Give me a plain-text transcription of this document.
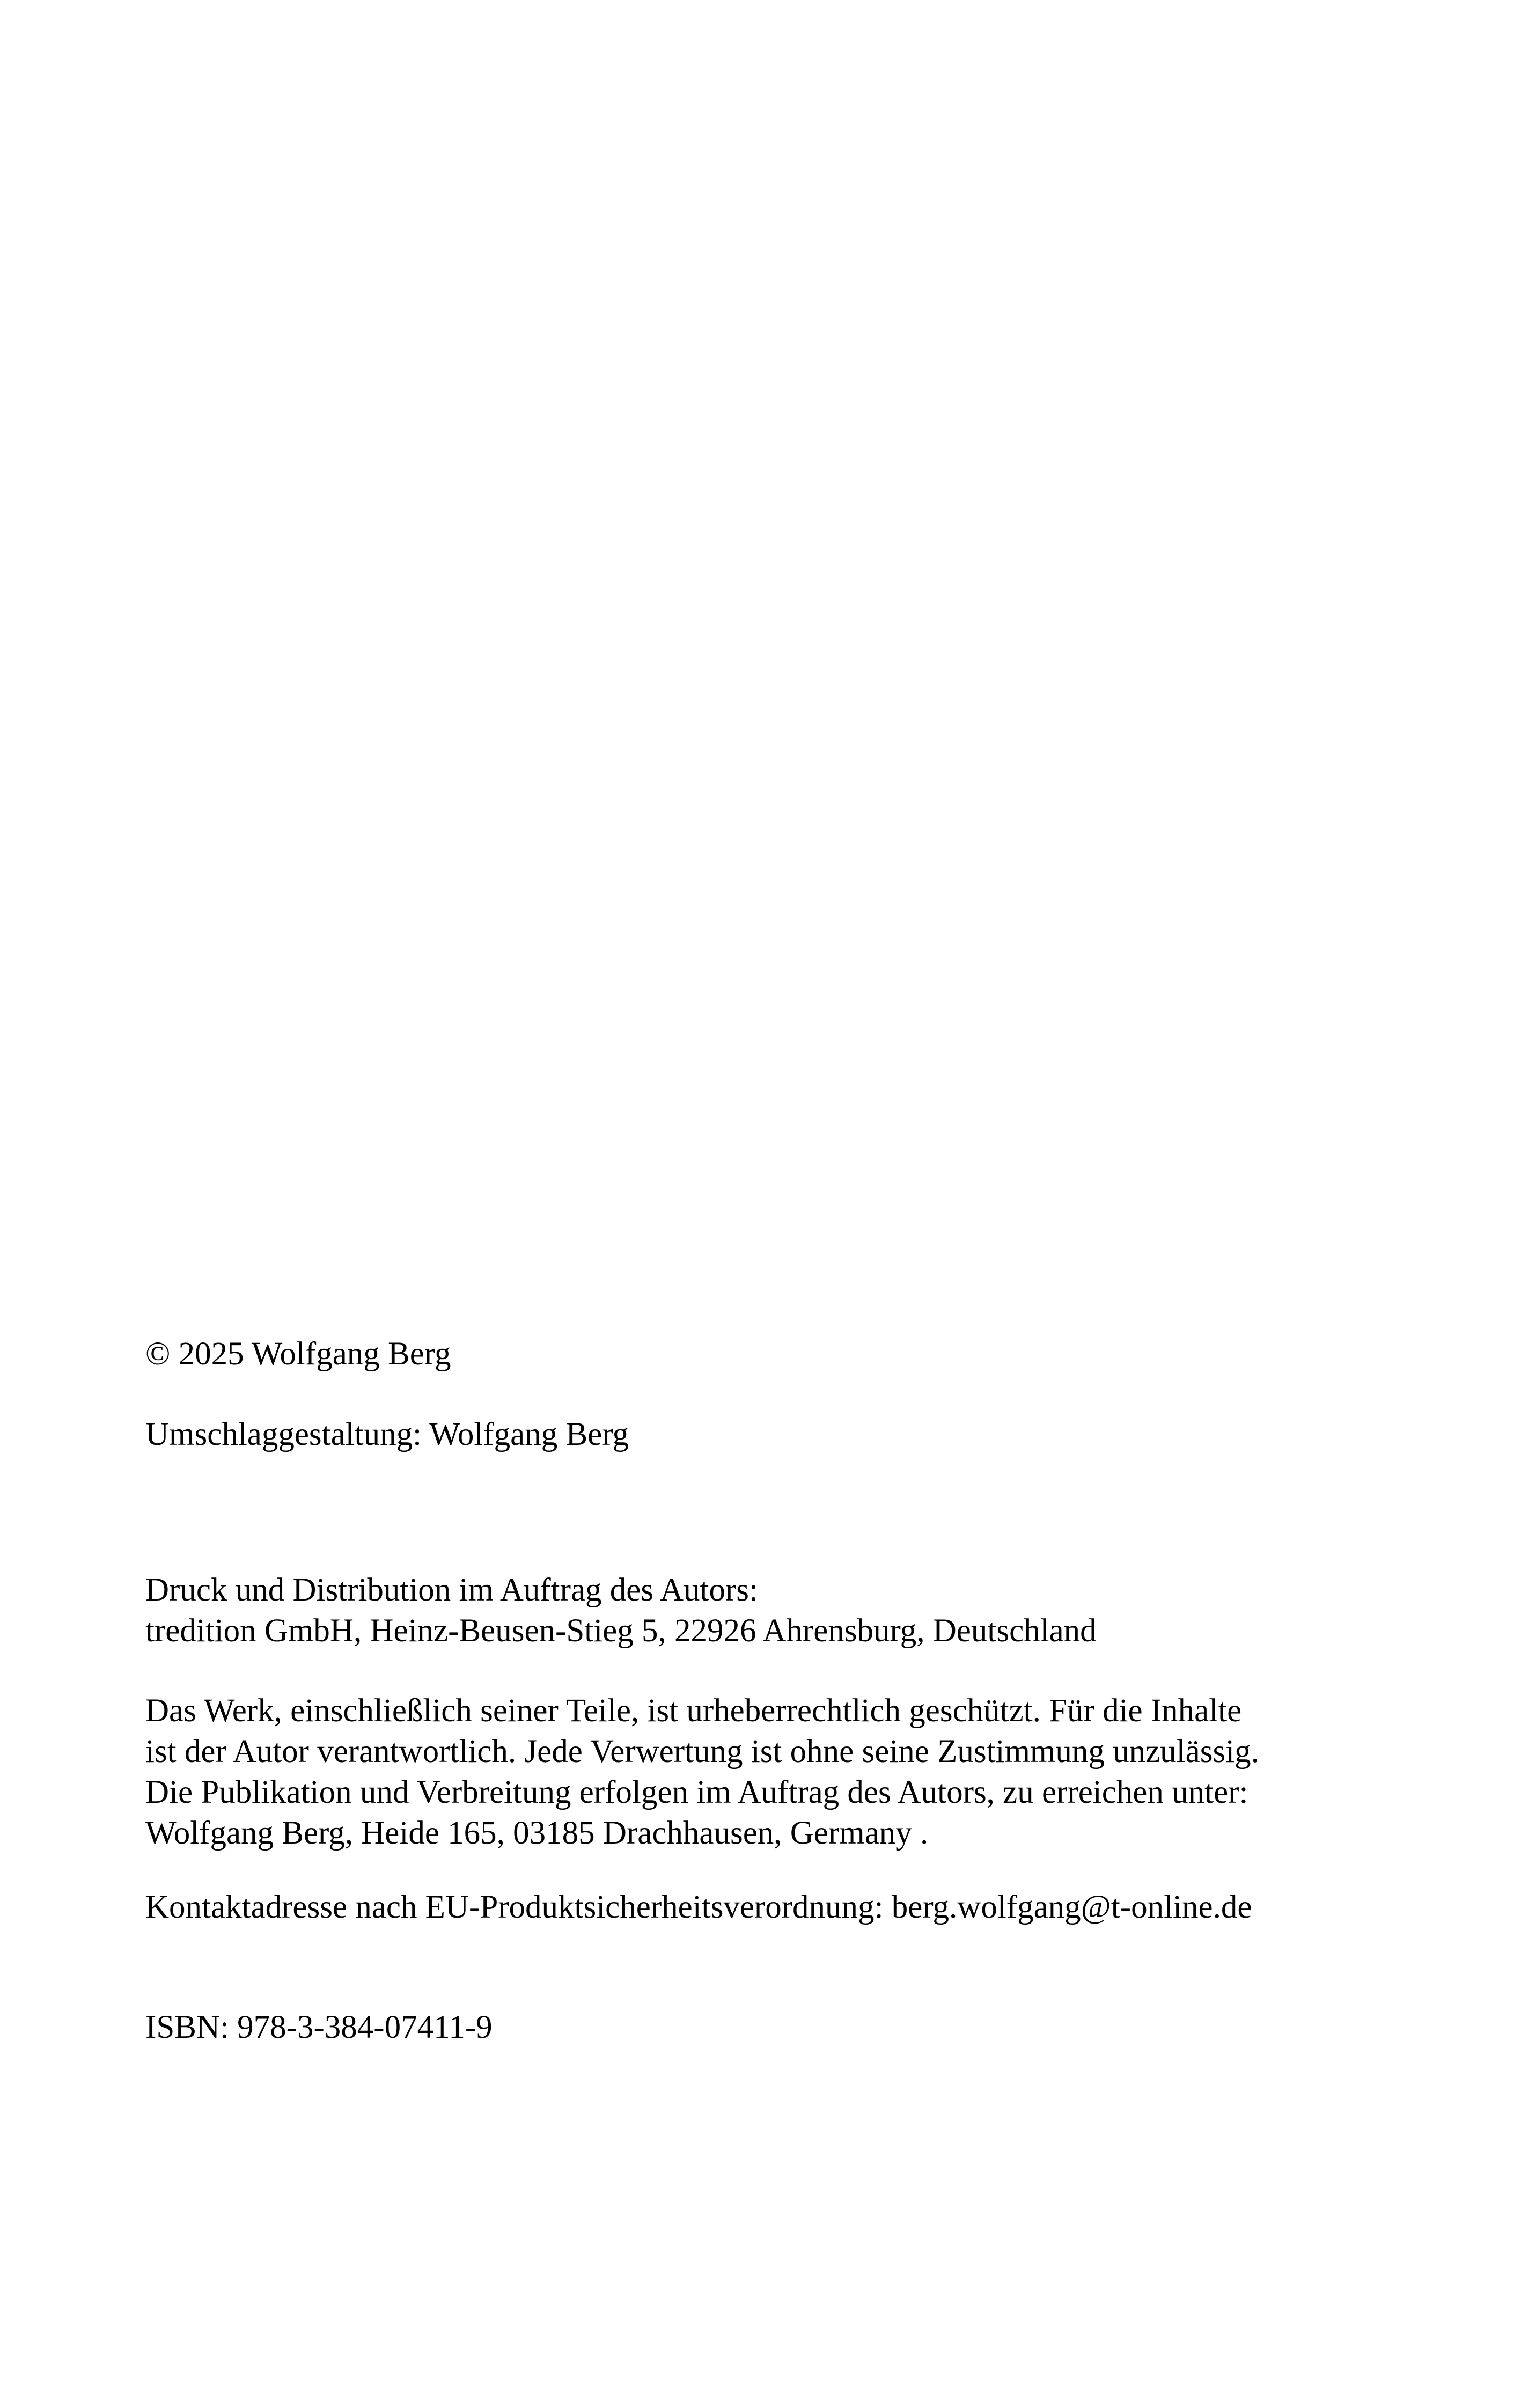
© 2025 Wolfgang Berg
Umschlaggestaltung: Wolfgang Berg
Druck und Distribution im Auftrag des Autors:
tredition GmbH, Heinz-Beusen-Stieg 5, 22926 Ahrensburg, Deutschland
Das Werk, einschließlich seiner Teile, ist urheberrechtlich geschützt. Für die Inhalte
ist der Autor verantwortlich. Jede Verwertung ist ohne seine Zustimmung unzulässig.
Die Publikation und Verbreitung erfolgen im Auftrag des Autors, zu erreichen unter:
Wolfgang Berg, Heide 165, 03185 Drachhausen, Germany .
Kontaktadresse nach EU-Produktsicherheitsverordnung: berg.wolfgang@t-online.de
ISBN: 978-3-384-07411-9
